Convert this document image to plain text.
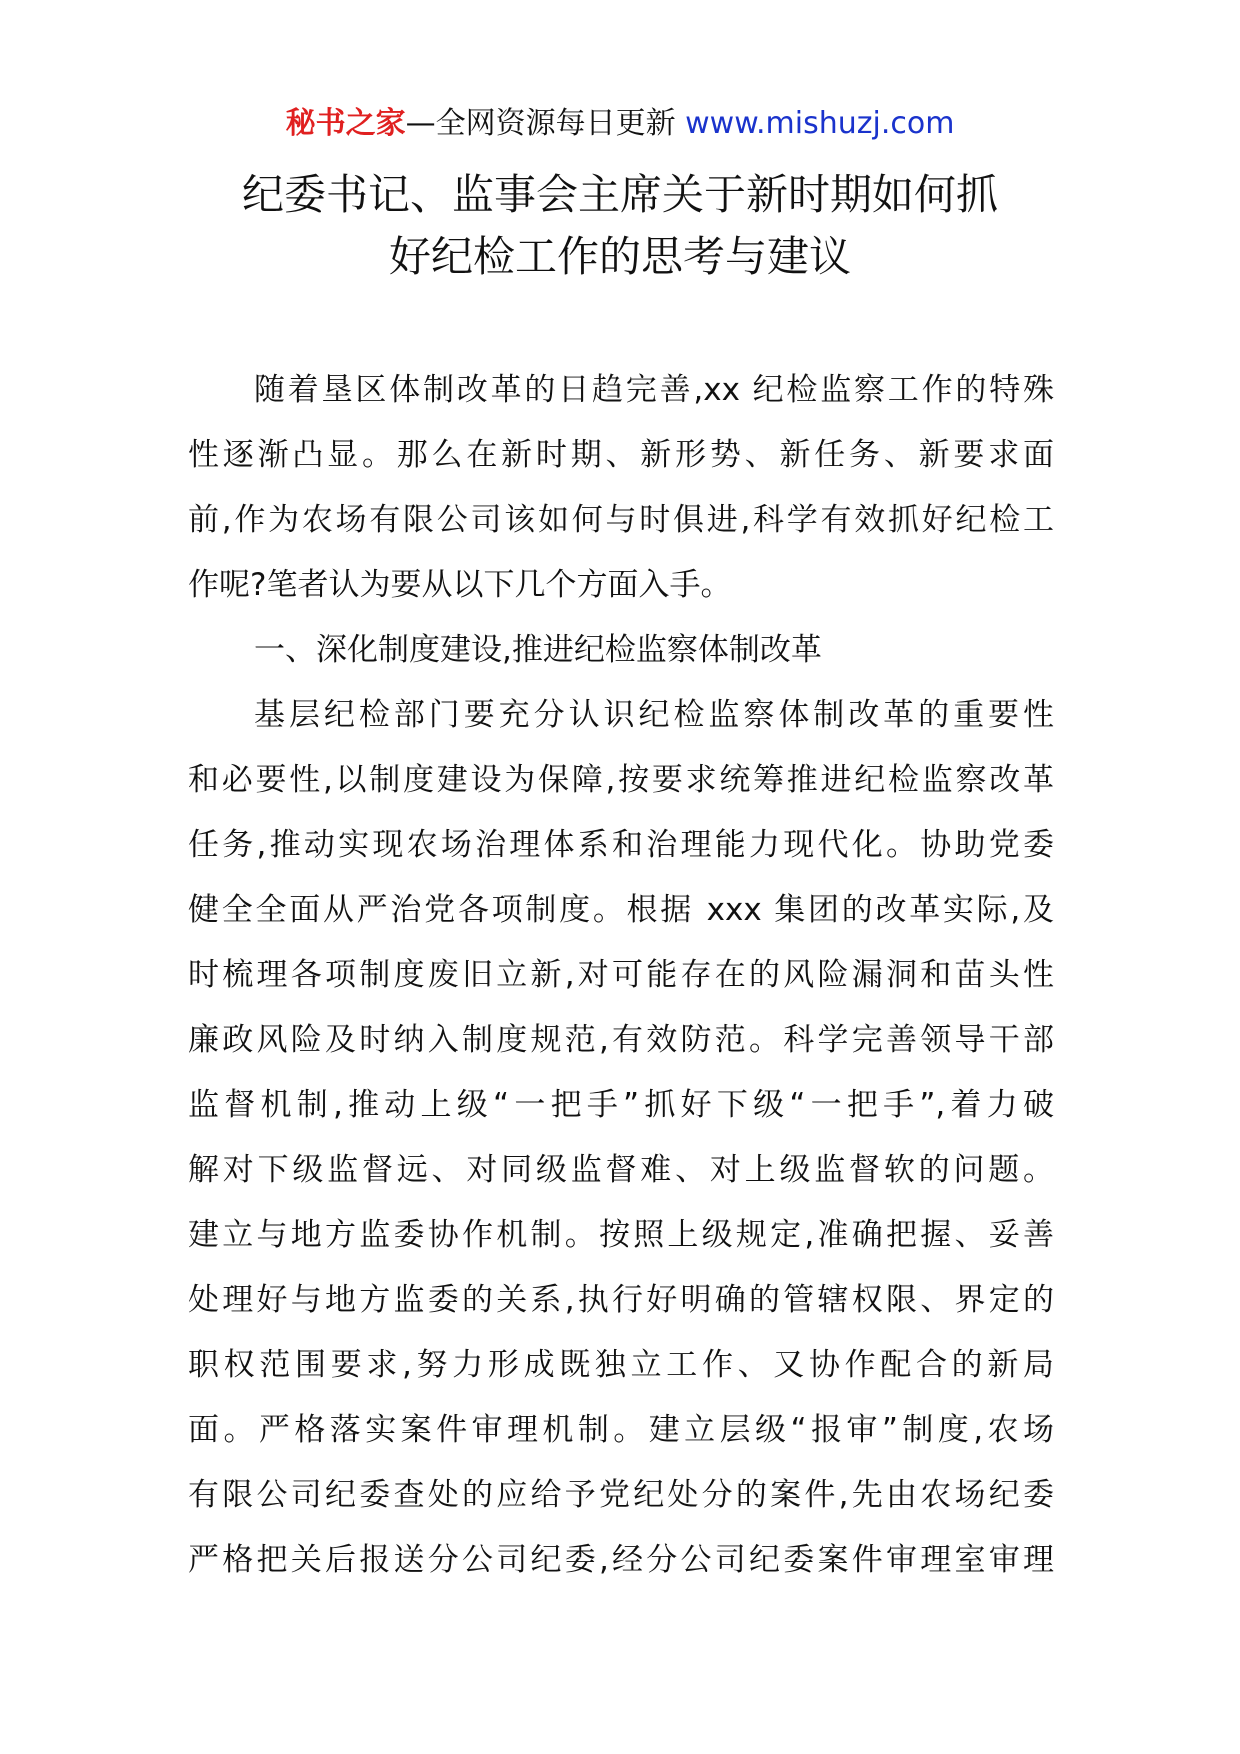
秘书之家—全网资源每日更新 www.mishuzj.com
纪委书记、监事会主席关于新时期如何抓
好纪检工作的思考与建议
随着垦区体制改革的日趋完善,xx 纪检监察工作的特殊
性逐渐凸显。那么在新时期、新形势、新任务、新要求面
前,作为农场有限公司该如何与时俱进,科学有效抓好纪检工
作呢?笔者认为要从以下几个方面入手。
一、深化制度建设,推进纪检监察体制改革
基层纪检部门要充分认识纪检监察体制改革的重要性
和必要性,以制度建设为保障,按要求统筹推进纪检监察改革
任务,推动实现农场治理体系和治理能力现代化。协助党委
健全全面从严治党各项制度。根据 xxx 集团的改革实际,及
时梳理各项制度废旧立新,对可能存在的风险漏洞和苗头性
廉政风险及时纳入制度规范,有效防范。科学完善领导干部
监督机制,推动上级“一把手”抓好下级“一把手”,着力破
解对下级监督远、对同级监督难、对上级监督软的问题。
建立与地方监委协作机制。按照上级规定,准确把握、妥善
处理好与地方监委的关系,执行好明确的管辖权限、界定的
职权范围要求,努力形成既独立工作、又协作配合的新局
面。严格落实案件审理机制。建立层级“报审”制度,农场
有限公司纪委查处的应给予党纪处分的案件,先由农场纪委
严格把关后报送分公司纪委,经分公司纪委案件审理室审理
